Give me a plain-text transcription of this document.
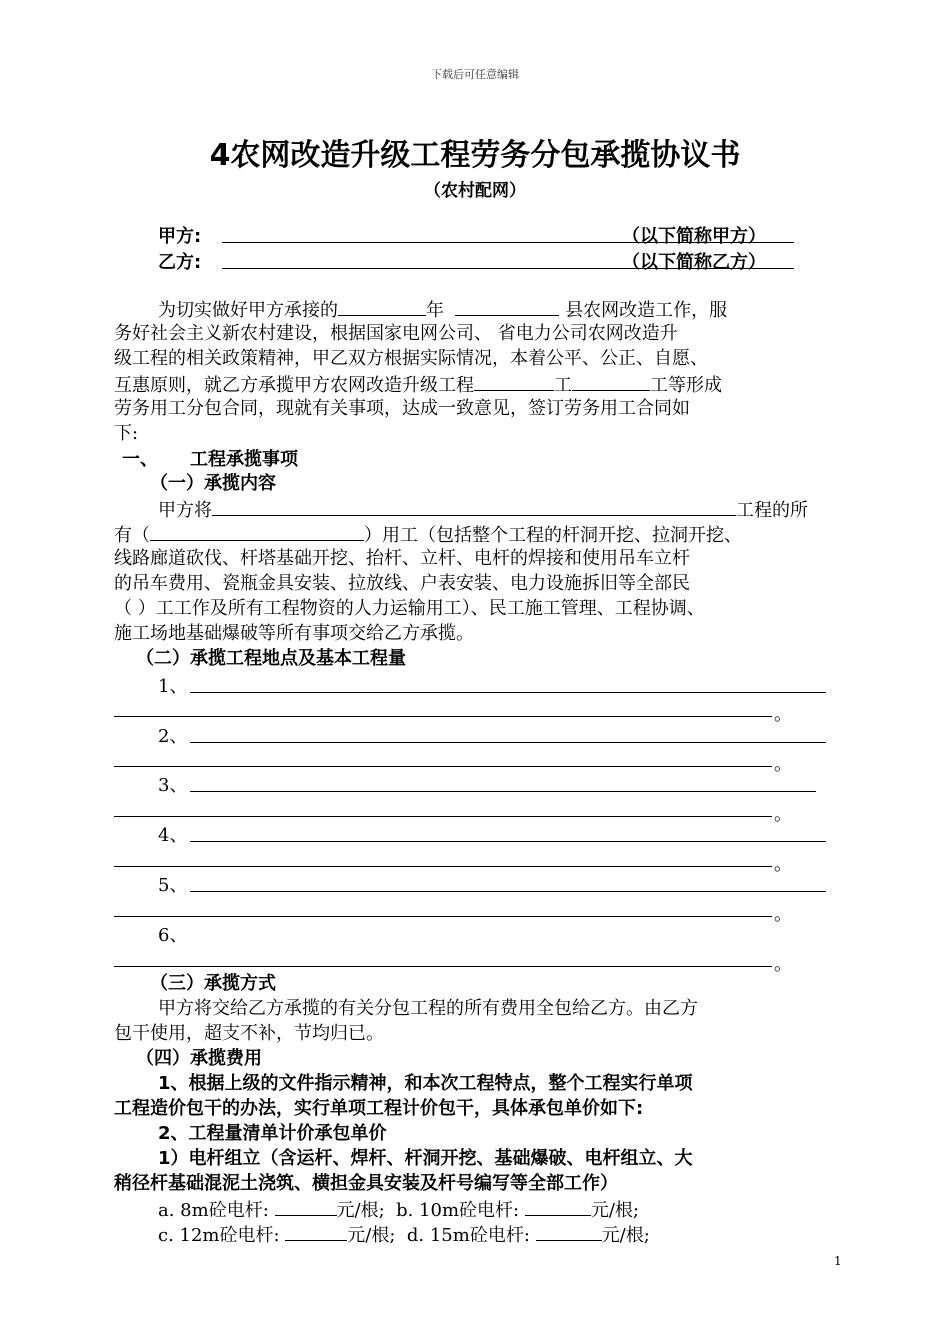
下载后可任意编辑
4农网改造升级工程劳务分包承揽协议书
（农村配网）
甲方:	（以下简称甲方）
乙方:	（以下简称乙方）
为切实做好甲方承接的	年	县农网改造工作，服
务好社会主义新农村建设，根据国家电网公司、 省电力公司农网改造升
级工程的相关政策精神，甲乙双方根据实际情况，本着公平、公正、自愿、
互惠原则，就乙方承揽甲方农网改造升级工程	工	工等形成
劳务用工分包合同，现就有关事项，达成一致意见，签订劳务用工合同如
下:
一、 工程承揽事项
（一）承揽内容
甲方将	工程的所
有（	）用工（包括整个工程的杆洞开挖、拉洞开挖、
线路廊道砍伐、杆塔基础开挖、抬杆、立杆、电杆的焊接和使用吊车立杆
的吊车费用、瓷瓶金具安装、拉放线、户表安装、电力设施拆旧等全部民
（ ）工工作及所有工程物资的人力运输用工）、民工施工管理、工程协调、
施工场地基础爆破等所有事项交给乙方承揽。
（二）承揽工程地点及基本工程量
1、
。
2、
。
3、
。
4、
。
5、
。
6、
。
（三）承揽方式
甲方将交给乙方承揽的有关分包工程的所有费用全包给乙方。由乙方
包干使用，超支不补，节均归已。
（四）承揽费用
1、根据上级的文件指示精神，和本次工程特点，整个工程实行单项
工程造价包干的办法，实行单项工程计价包干，具体承包单价如下:
2、工程量清单计价承包单价
1）电杆组立（含运杆、焊杆、杆洞开挖、基础爆破、电杆组立、大
稍径杆基础混泥土浇筑、横担金具安装及杆号编写等全部工作）
a. 8m砼电杆:	元/根; b. 10m砼电杆:	元/根;
c. 12m砼电杆:	元/根; d. 15m砼电杆:	元/根;
1
